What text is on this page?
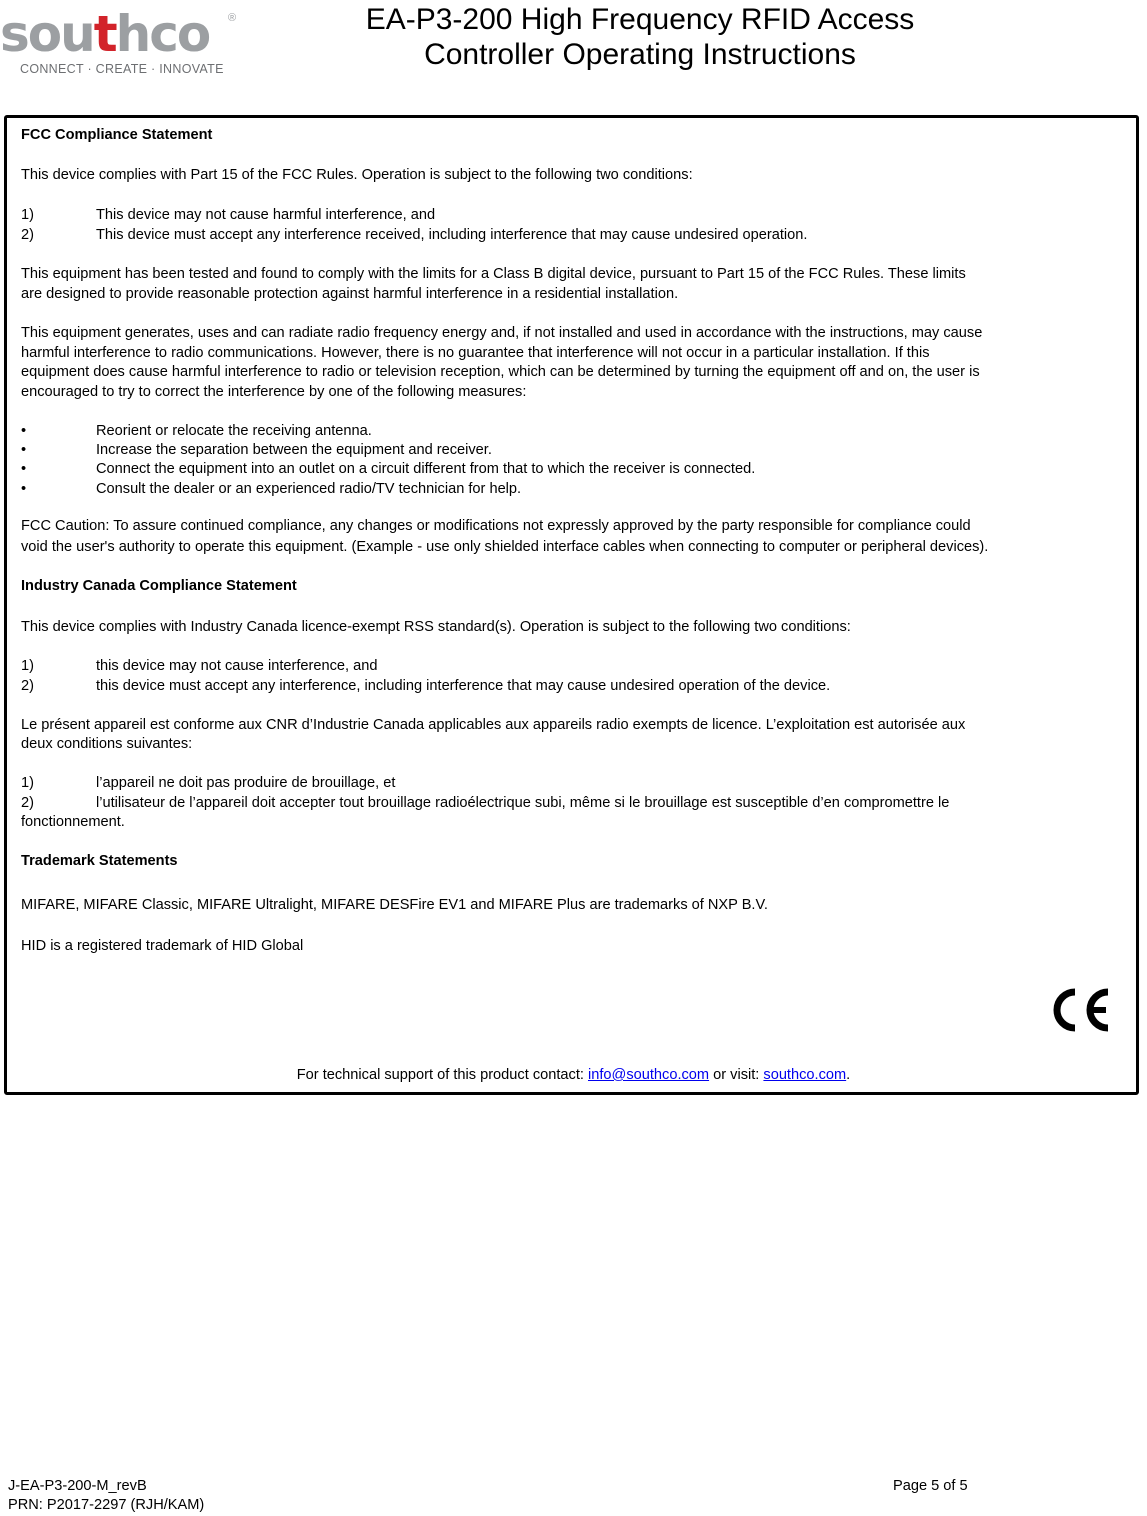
southco ®
CONNECT · CREATE · INNOVATE
EA-P3-200 High Frequency RFID Access
Controller Operating Instructions
FCC Compliance Statement
This device complies with Part 15 of the FCC Rules. Operation is subject to the following two conditions:
1)	This device may not cause harmful interference, and
2)	This device must accept any interference received, including interference that may cause undesired operation.
This equipment has been tested and found to comply with the limits for a Class B digital device, pursuant to Part 15 of the FCC Rules. These limits
are designed to provide reasonable protection against harmful interference in a residential installation.
This equipment generates, uses and can radiate radio frequency energy and, if not installed and used in accordance with the instructions, may cause
harmful interference to radio communications. However, there is no guarantee that interference will not occur in a particular installation. If this
equipment does cause harmful interference to radio or television reception, which can be determined by turning the equipment off and on, the user is
encouraged to try to correct the interference by one of the following measures:
•	Reorient or relocate the receiving antenna.
•	Increase the separation between the equipment and receiver.
•	Connect the equipment into an outlet on a circuit different from that to which the receiver is connected.
•	Consult the dealer or an experienced radio/TV technician for help.
FCC Caution: To assure continued compliance, any changes or modifications not expressly approved by the party responsible for compliance could
void the user's authority to operate this equipment. (Example - use only shielded interface cables when connecting to computer or peripheral devices).
Industry Canada Compliance Statement
This device complies with Industry Canada licence-exempt RSS standard(s). Operation is subject to the following two conditions:
1)	this device may not cause interference, and
2)	this device must accept any interference, including interference that may cause undesired operation of the device.
Le présent appareil est conforme aux CNR d’Industrie Canada applicables aux appareils radio exempts de licence. L’exploitation est autorisée aux
deux conditions suivantes:
1)	l’appareil ne doit pas produire de brouillage, et
2)	l’utilisateur de l’appareil doit accepter tout brouillage radioélectrique subi, même si le brouillage est susceptible d’en compromettre le
fonctionnement.
Trademark Statements
MIFARE, MIFARE Classic, MIFARE Ultralight, MIFARE DESFire EV1 and MIFARE Plus are trademarks of NXP B.V.
HID is a registered trademark of HID Global
For technical support of this product contact: info@southco.com or visit: southco.com.
J-EA-P3-200-M_revB
PRN: P2017-2297 (RJH/KAM)
Page 5 of 5
